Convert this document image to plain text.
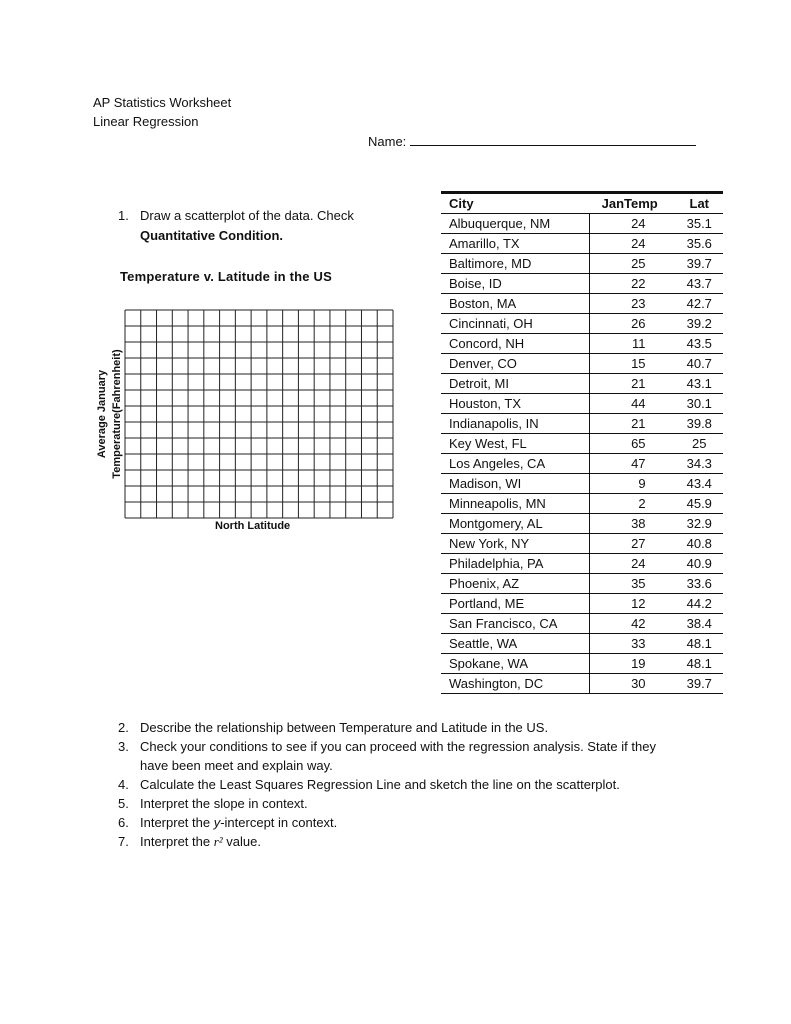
AP Statistics Worksheet
Linear Regression
Name:
1. Draw a scatterplot of the data. Check
Quantitative Condition.
Temperature v. Latitude in the US
Average January Temperature(Fahrenheit)
North Latitude
City	JanTemp	Lat
Albuquerque, NM	24	35.1
Amarillo, TX	24	35.6
Baltimore, MD	25	39.7
Boise, ID	22	43.7
Boston, MA	23	42.7
Cincinnati, OH	26	39.2
Concord, NH	11	43.5
Denver, CO	15	40.7
Detroit, MI	21	43.1
Houston, TX	44	30.1
Indianapolis, IN	21	39.8
Key West, FL	65	25
Los Angeles, CA	47	34.3
Madison, WI	9	43.4
Minneapolis, MN	2	45.9
Montgomery, AL	38	32.9
New York, NY	27	40.8
Philadelphia, PA	24	40.9
Phoenix, AZ	35	33.6
Portland, ME	12	44.2
San Francisco, CA	42	38.4
Seattle, WA	33	48.1
Spokane, WA	19	48.1
Washington, DC	30	39.7
2. Describe the relationship between Temperature and Latitude in the US.
3. Check your conditions to see if you can proceed with the regression analysis. State if they have been meet and explain way.
4. Calculate the Least Squares Regression Line and sketch the line on the scatterplot.
5. Interpret the slope in context.
6. Interpret the y-intercept in context.
7. Interpret the r² value.
